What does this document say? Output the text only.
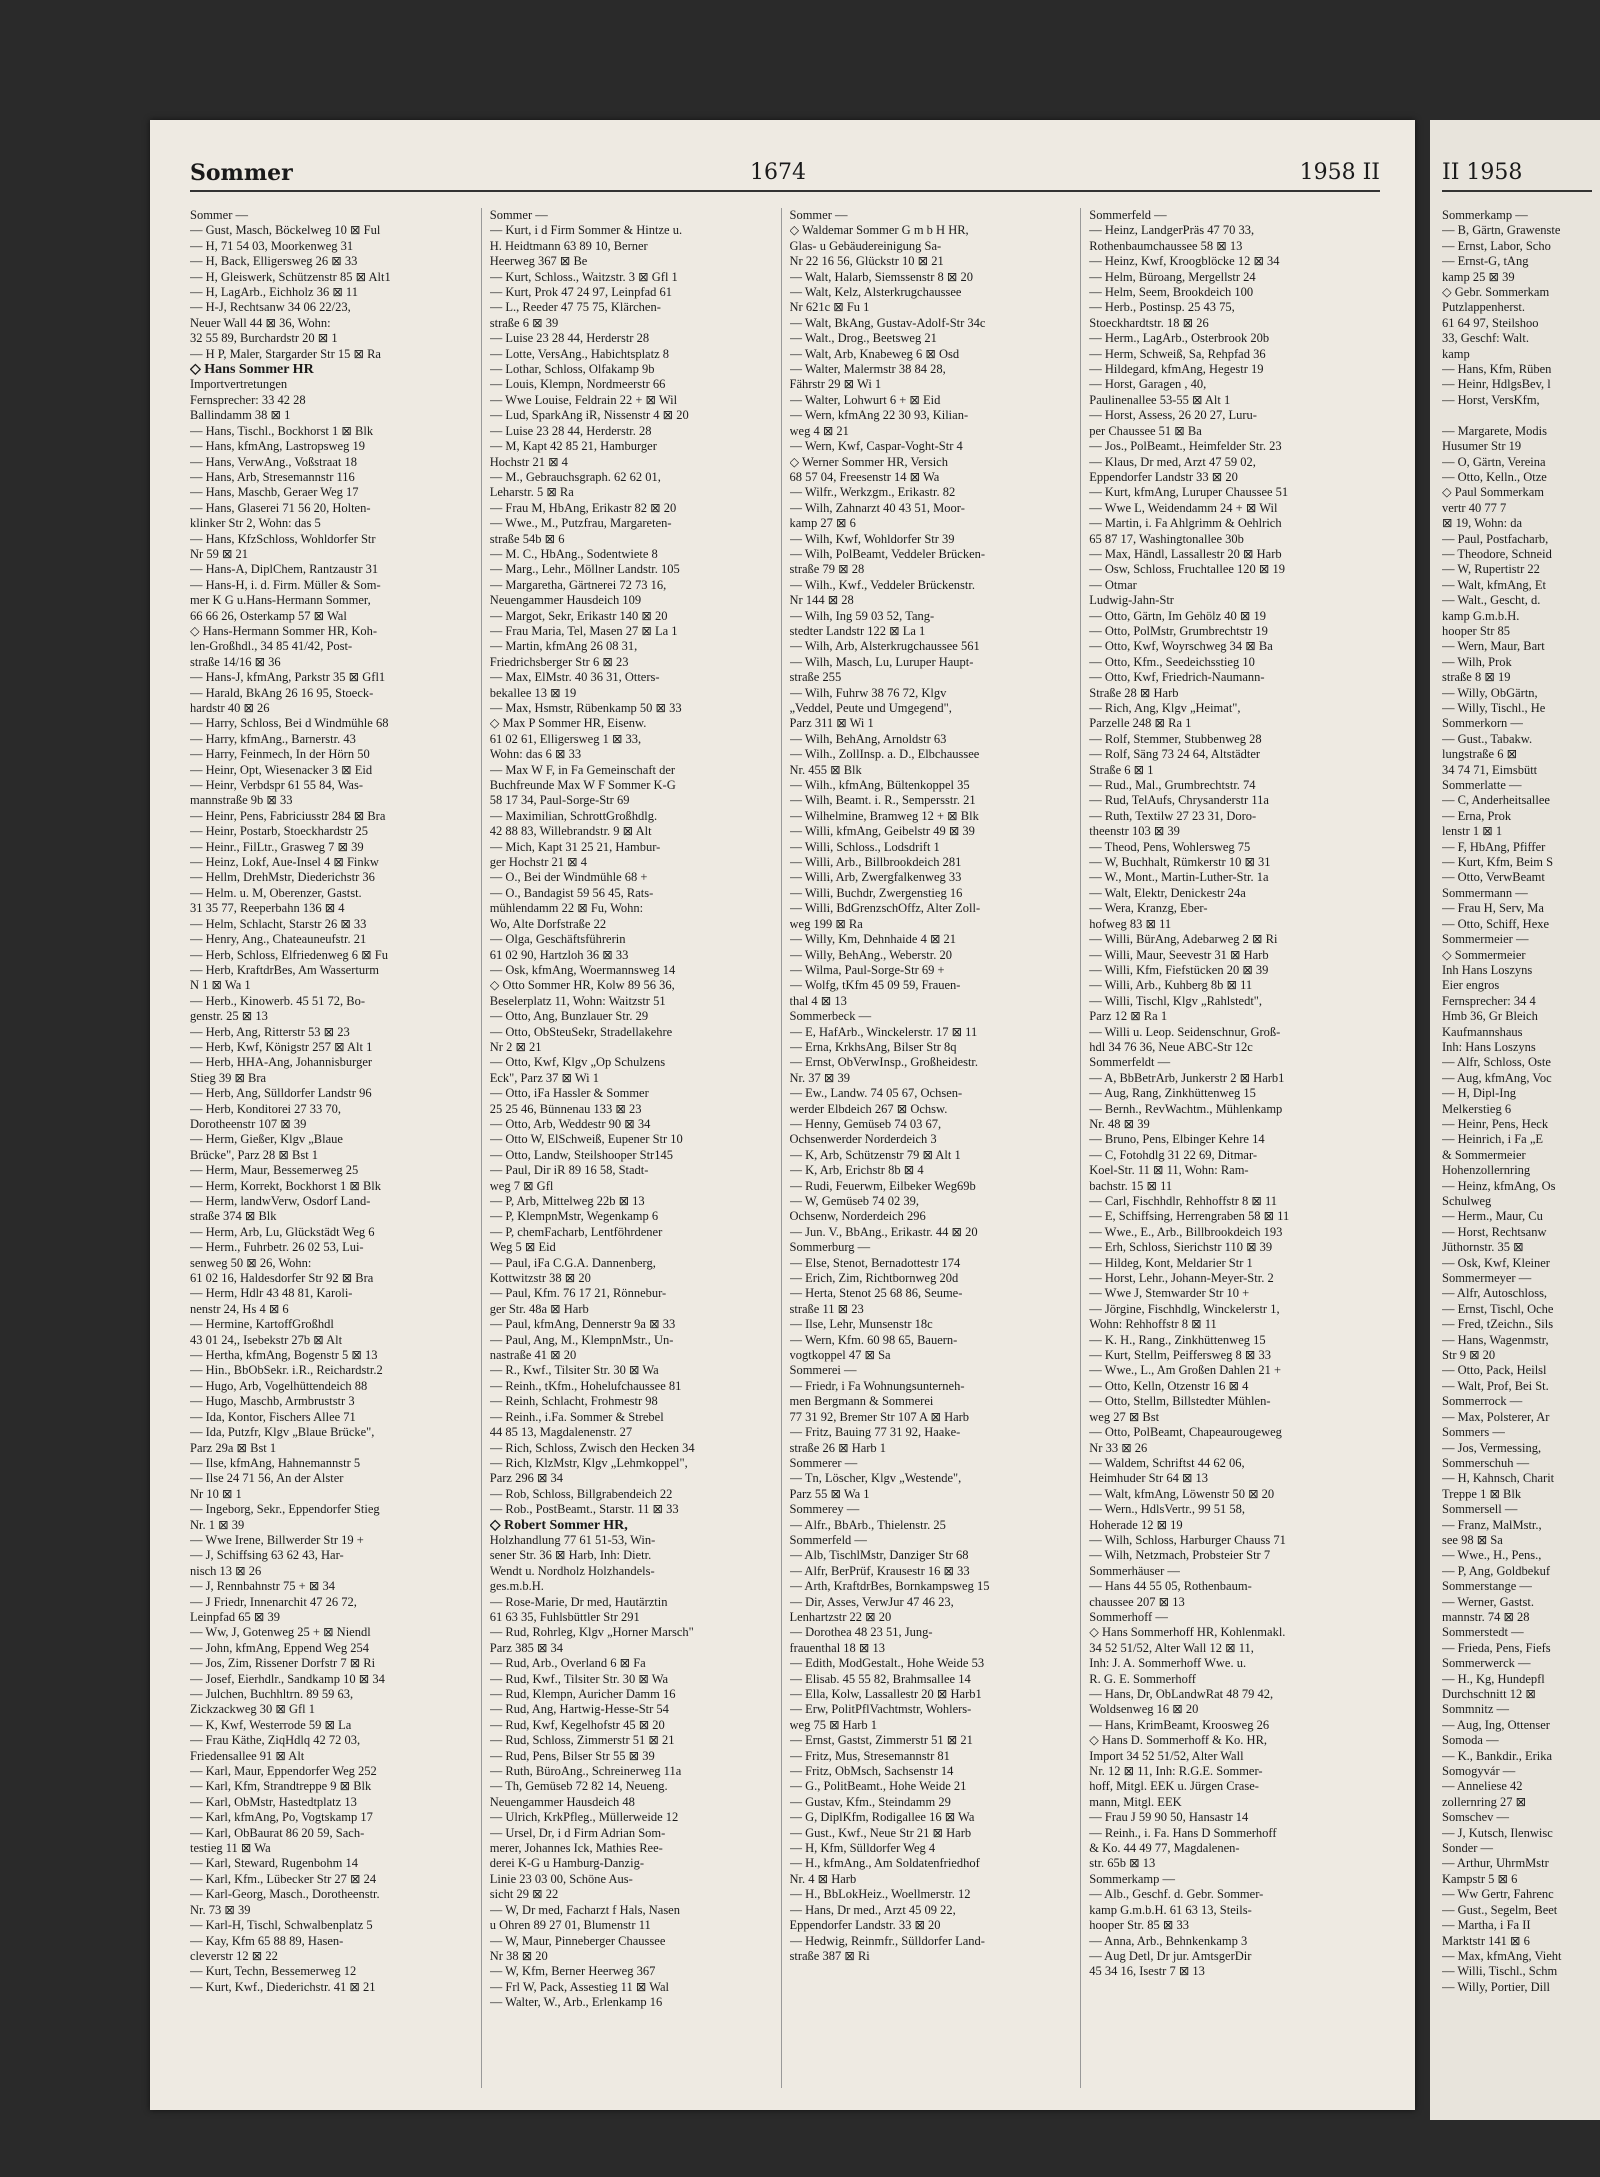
Sommer	1674	1958 II
Sommer —
— Gust, Masch, Böckelweg 10 ⊠ Ful
— H, 71 54 03, Moorkenweg 31
— H, Back, Elligersweg 26 ⊠ 33
— H, Gleiswerk, Schützenstr 85 ⊠ Alt1
— H, LagArb., Eichholz 36 ⊠ 11
— H-J, Rechtsanw 34 06 22/23,
Neuer Wall 44 ⊠ 36, Wohn:
32 55 89, Burchardstr 20 ⊠ 1
— H P, Maler, Stargarder Str 15 ⊠ Ra
◇ Hans Sommer HR
Importvertretungen
Fernsprecher: 33 42 28
Ballindamm 38 ⊠ 1
— Hans, Tischl., Bockhorst 1 ⊠ Blk
— Hans, kfmAng, Lastropsweg 19
— Hans, VerwAng., Voßstraat 18
— Hans, Arb, Stresemannstr 116
— Hans, Maschb, Geraer Weg 17
— Hans, Glaserei 71 56 20, Holten-
klinker Str 2, Wohn: das 5
— Hans, KfzSchloss, Wohldorfer Str
Nr 59 ⊠ 21
— Hans-A, DiplChem, Rantzaustr 31
— Hans-H, i. d. Firm. Müller & Som-
mer K G u.Hans-Hermann Sommer,
66 66 26, Osterkamp 57 ⊠ Wal
◇ Hans-Hermann Sommer HR, Koh-
len-Großhdl., 34 85 41/42, Post-
straße 14/16 ⊠ 36
— Hans-J, kfmAng, Parkstr 35 ⊠ Gfl1
— Harald, BkAng 26 16 95, Stoeck-
hardstr 40 ⊠ 26
— Harry, Schloss, Bei d Windmühle 68
— Harry, kfmAng., Barnerstr. 43
— Harry, Feinmech, In der Hörn 50
— Heinr, Opt, Wiesenacker 3 ⊠ Eid
— Heinr, Verbdspr 61 55 84, Was-
mannstraße 9b ⊠ 33
— Heinr, Pens, Fabriciusstr 284 ⊠ Bra
— Heinr, Postarb, Stoeckhardstr 25
— Heinr., FilLtr., Grasweg 7 ⊠ 39
— Heinz, Lokf, Aue-Insel 4 ⊠ Finkw
— Hellm, DrehMstr, Diederichstr 36
— Helm. u. M, Oberenzer, Gastst.
31 35 77, Reeperbahn 136 ⊠ 4
— Helm, Schlacht, Starstr 26 ⊠ 33
— Henry, Ang., Chateauneufstr. 21
— Herb, Schloss, Elfriedenweg 6 ⊠ Fu
— Herb, KraftdrBes, Am Wasserturm
N 1 ⊠ Wa 1
— Herb., Kinowerb. 45 51 72, Bo-
genstr. 25 ⊠ 13
— Herb, Ang, Ritterstr 53 ⊠ 23
— Herb, Kwf, Königstr 257 ⊠ Alt 1
— Herb, HHA-Ang, Johannisburger
Stieg 39 ⊠ Bra
— Herb, Ang, Sülldorfer Landstr 96
— Herb, Konditorei 27 33 70,
Dorotheenstr 107 ⊠ 39
— Herm, Gießer, Klgv „Blaue
Brücke", Parz 28 ⊠ Bst 1
— Herm, Maur, Bessemerweg 25
— Herm, Korrekt, Bockhorst 1 ⊠ Blk
— Herm, landwVerw, Osdorf Land-
straße 374 ⊠ Blk
— Herm, Arb, Lu, Glückstädt Weg 6
— Herm., Fuhrbetr. 26 02 53, Lui-
senweg 50 ⊠ 26, Wohn:
61 02 16, Haldesdorfer Str 92 ⊠ Bra
— Herm, Hdlr 43 48 81, Karoli-
nenstr 24, Hs 4 ⊠ 6
— Hermine, KartoffGroßhdl
43 01 24,, Isebekstr 27b ⊠ Alt
— Hertha, kfmAng, Bogenstr 5 ⊠ 13
— Hin., BbObSekr. i.R., Reichardstr.2
— Hugo, Arb, Vogelhüttendeich 88
— Hugo, Maschb, Armbruststr 3
— Ida, Kontor, Fischers Allee 71
— Ida, Putzfr, Klgv „Blaue Brücke",
Parz 29a ⊠ Bst 1
— Ilse, kfmAng, Hahnemannstr 5
— Ilse 24 71 56, An der Alster
Nr 10 ⊠ 1
— Ingeborg, Sekr., Eppendorfer Stieg
Nr. 1 ⊠ 39
— Wwe Irene, Billwerder Str 19 +
— J, Schiffsing 63 62 43, Har-
nisch 13 ⊠ 26
— J, Rennbahnstr 75 + ⊠ 34
— J Friedr, Innenarchit 47 26 72,
Leinpfad 65 ⊠ 39
— Ww, J, Gotenweg 25 + ⊠ Niendl
— John, kfmAng, Eppend Weg 254
— Jos, Zim, Rissener Dorfstr 7 ⊠ Ri
— Josef, Eierhdlr., Sandkamp 10 ⊠ 34
— Julchen, Buchhltrn. 89 59 63,
Zickzackweg 30 ⊠ Gfl 1
— K, Kwf, Westerrode 59 ⊠ La
— Frau Käthe, ZiqHdlq 42 72 03,
Friedensallee 91 ⊠ Alt
— Karl, Maur, Eppendorfer Weg 252
— Karl, Kfm, Strandtreppe 9 ⊠ Blk
— Karl, ObMstr, Hastedtplatz 13
— Karl, kfmAng, Po, Vogtskamp 17
— Karl, ObBaurat 86 20 59, Sach-
testieg 11 ⊠ Wa
— Karl, Steward, Rugenbohm 14
— Karl, Kfm., Lübecker Str 27 ⊠ 24
— Karl-Georg, Masch., Dorotheenstr.
Nr. 73 ⊠ 39
— Karl-H, Tischl, Schwalbenplatz 5
— Kay, Kfm 65 88 89, Hasen-
cleverstr 12 ⊠ 22
— Kurt, Techn, Bessemerweg 12
— Kurt, Kwf., Diederichstr. 41 ⊠ 21
Sommer —
— Kurt, i d Firm Sommer & Hintze u.
H. Heidtmann 63 89 10, Berner
Heerweg 367 ⊠ Be
— Kurt, Schloss., Waitzstr. 3 ⊠ Gfl 1
— Kurt, Prok 47 24 97, Leinpfad 61
— L., Reeder 47 75 75, Klärchen-
straße 6 ⊠ 39
— Luise 23 28 44, Herderstr 28
— Lotte, VersAng., Habichtsplatz 8
— Lothar, Schloss, Olfakamp 9b
— Louis, Klempn, Nordmeerstr 66
— Wwe Louise, Feldrain 22 + ⊠ Wil
— Lud, SparkAng iR, Nissenstr 4 ⊠ 20
— Luise 23 28 44, Herderstr. 28
— M, Kapt 42 85 21, Hamburger
Hochstr 21 ⊠ 4
— M., Gebrauchsgraph. 62 62 01,
Leharstr. 5 ⊠ Ra
— Frau M, HbAng, Erikastr 82 ⊠ 20
— Wwe., M., Putzfrau, Margareten-
straße 54b ⊠ 6
— M. C., HbAng., Sodentwiete 8
— Marg., Lehr., Möllner Landstr. 105
— Margaretha, Gärtnerei 72 73 16,
Neuengammer Hausdeich 109
— Margot, Sekr, Erikastr 140 ⊠ 20
— Frau Maria, Tel, Masen 27 ⊠ La 1
— Martin, kfmAng 26 08 31,
Friedrichsberger Str 6 ⊠ 23
— Max, ElMstr. 40 36 31, Otters-
bekallee 13 ⊠ 19
— Max, Hsmstr, Rübenkamp 50 ⊠ 33
◇ Max P Sommer HR, Eisenw.
61 02 61, Elligersweg 1 ⊠ 33,
Wohn: das 6 ⊠ 33
— Max W F, in Fa Gemeinschaft der
Buchfreunde Max W F Sommer K-G
58 17 34, Paul-Sorge-Str 69
— Maximilian, SchrottGroßhdlg.
42 88 83, Willebrandstr. 9 ⊠ Alt
— Mich, Kapt 31 25 21, Hambur-
ger Hochstr 21 ⊠ 4
— O., Bei der Windmühle 68 +
— O., Bandagist 59 56 45, Rats-
mühlendamm 22 ⊠ Fu, Wohn:
Wo, Alte Dorfstraße 22
— Olga, Geschäftsführerin
61 02 90, Hartzloh 36 ⊠ 33
— Osk, kfmAng, Woermannsweg 14
◇ Otto Sommer HR, Kolw 89 56 36,
Beselerplatz 11, Wohn: Waitzstr 51
— Otto, Ang, Bunzlauer Str. 29
— Otto, ObSteuSekr, Stradellakehre
Nr 2 ⊠ 21
— Otto, Kwf, Klgv „Op Schulzens
Eck", Parz 37 ⊠ Wi 1
— Otto, iFa Hassler & Sommer
25 25 46, Bünnenau 133 ⊠ 23
— Otto, Arb, Weddestr 90 ⊠ 34
— Otto W, ElSchweiß, Eupener Str 10
— Otto, Landw, Steilshooper Str145
— Paul, Dir iR 89 16 58, Stadt-
weg 7 ⊠ Gfl
— P, Arb, Mittelweg 22b ⊠ 13
— P, KlempnMstr, Wegenkamp 6
— P, chemFacharb, Lentföhrdener
Weg 5 ⊠ Eid
— Paul, iFa C.G.A. Dannenberg,
Kottwitzstr 38 ⊠ 20
— Paul, Kfm. 76 17 21, Rönnebur-
ger Str. 48a ⊠ Harb
— Paul, kfmAng, Dennerstr 9a ⊠ 33
— Paul, Ang, M., KlempnMstr., Un-
nastraße 41 ⊠ 20
— R., Kwf., Tilsiter Str. 30 ⊠ Wa
— Reinh., tKfm., Hohelufchaussee 81
— Reinh, Schlacht, Frohmestr 98
— Reinh., i.Fa. Sommer & Strebel
44 85 13, Magdalenenstr. 27
— Rich, Schloss, Zwisch den Hecken 34
— Rich, KlzMstr, Klgv „Lehmkoppel",
Parz 296 ⊠ 34
— Rob, Schloss, Billgrabendeich 22
— Rob., PostBeamt., Starstr. 11 ⊠ 33
◇ Robert Sommer HR,
Holzhandlung 77 61 51-53, Win-
sener Str. 36 ⊠ Harb, Inh: Dietr.
Wendt u. Nordholz Holzhandels-
ges.m.b.H.
— Rose-Marie, Dr med, Hautärztin
61 63 35, Fuhlsbüttler Str 291
— Rud, Rohrleg, Klgv „Horner Marsch"
Parz 385 ⊠ 34
— Rud, Arb., Overland 6 ⊠ Fa
— Rud, Kwf., Tilsiter Str. 30 ⊠ Wa
— Rud, Klempn, Auricher Damm 16
— Rud, Ang, Hartwig-Hesse-Str 54
— Rud, Kwf, Kegelhofstr 45 ⊠ 20
— Rud, Schloss, Zimmerstr 51 ⊠ 21
— Rud, Pens, Bilser Str 55 ⊠ 39
— Ruth, BüroAng., Schreinerweg 11a
— Th, Gemüseb 72 82 14, Neueng.
Neuengammer Hausdeich 48
— Ulrich, KrkPfleg., Müllerweide 12
— Ursel, Dr, i d Firm Adrian Som-
merer, Johannes Ick, Mathies Ree-
derei K-G u Hamburg-Danzig-
Linie 23 03 00, Schöne Aus-
sicht 29 ⊠ 22
— W, Dr med, Facharzt f Hals, Nasen
u Ohren 89 27 01, Blumenstr 11
— W, Maur, Pinneberger Chaussee
Nr 38 ⊠ 20
— W, Kfm, Berner Heerweg 367
— Frl W, Pack, Assestieg 11 ⊠ Wal
— Walter, W., Arb., Erlenkamp 16
Sommer —
◇ Waldemar Sommer G m b H HR,
Glas- u Gebäudereinigung Sa-
Nr 22 16 56, Glückstr 10 ⊠ 21
— Walt, Halarb, Siemssenstr 8 ⊠ 20
— Walt, Kelz, Alsterkrugchaussee
Nr 621c ⊠ Fu 1
— Walt, BkAng, Gustav-Adolf-Str 34c
— Walt., Drog., Beetsweg 21
— Walt, Arb, Knabeweg 6 ⊠ Osd
— Walter, Malermstr 38 84 28,
Fährstr 29 ⊠ Wi 1
— Walter, Lohwurt 6 + ⊠ Eid
— Wern, kfmAng 22 30 93, Kilian-
weg 4 ⊠ 21
— Wern, Kwf, Caspar-Voght-Str 4
◇ Werner Sommer HR, Versich
68 57 04, Freesenstr 14 ⊠ Wa
— Wilfr., Werkzgm., Erikastr. 82
— Wilh, Zahnarzt 40 43 51, Moor-
kamp 27 ⊠ 6
— Wilh, Kwf, Wohldorfer Str 39
— Wilh, PolBeamt, Veddeler Brücken-
straße 79 ⊠ 28
— Wilh., Kwf., Veddeler Brückenstr.
Nr 144 ⊠ 28
— Wilh, Ing 59 03 52, Tang-
stedter Landstr 122 ⊠ La 1
— Wilh, Arb, Alsterkrugchaussee 561
— Wilh, Masch, Lu, Luruper Haupt-
straße 255
— Wilh, Fuhrw 38 76 72, Klgv
„Veddel, Peute und Umgegend",
Parz 311 ⊠ Wi 1
— Wilh, BehAng, Arnoldstr 63
— Wilh., ZollInsp. a. D., Elbchaussee
Nr. 455 ⊠ Blk
— Wilh., kfmAng, Bültenkoppel 35
— Wilh, Beamt. i. R., Sempersstr. 21
— Wilhelmine, Bramweg 12 + ⊠ Blk
— Willi, kfmAng, Geibelstr 49 ⊠ 39
— Willi, Schloss., Lodsdrift 1
— Willi, Arb., Billbrookdeich 281
— Willi, Arb, Zwergfalkenweg 33
— Willi, Buchdr, Zwergenstieg 16
— Willi, BdGrenzschOffz, Alter Zoll-
weg 199 ⊠ Ra
— Willy, Km, Dehnhaide 4 ⊠ 21
— Willy, BehAng., Weberstr. 20
— Wilma, Paul-Sorge-Str 69 +
— Wolfg, tKfm 45 09 59, Frauen-
thal 4 ⊠ 13
Sommerbeck —
— E, HafArb., Winckelerstr. 17 ⊠ 11
— Erna, KrkhsAng, Bilser Str 8q
— Ernst, ObVerwInsp., Großheidestr.
Nr. 37 ⊠ 39
— Ew., Landw. 74 05 67, Ochsen-
werder Elbdeich 267 ⊠ Ochsw.
— Henny, Gemüseb 74 03 67,
Ochsenwerder Norderdeich 3
— K, Arb, Schützenstr 79 ⊠ Alt 1
— K, Arb, Erichstr 8b ⊠ 4
— Rudi, Feuerwm, Eilbeker Weg69b
— W, Gemüseb 74 02 39,
Ochsenw, Norderdeich 296
— Jun. V., BbAng., Erikastr. 44 ⊠ 20
Sommerburg —
— Else, Stenot, Bernadottestr 174
— Erich, Zim, Richtbornweg 20d
— Herta, Stenot 25 68 86, Seume-
straße 11 ⊠ 23
— Ilse, Lehr, Munsenstr 18c
— Wern, Kfm. 60 98 65, Bauern-
vogtkoppel 47 ⊠ Sa
Sommerei —
— Friedr, i Fa Wohnungsunterneh-
men Bergmann & Sommerei
77 31 92, Bremer Str 107 A ⊠ Harb
— Fritz, Bauing 77 31 92, Haake-
straße 26 ⊠ Harb 1
Sommerer —
— Tn, Löscher, Klgv „Westende",
Parz 55 ⊠ Wa 1
Sommerey —
— Alfr., BbArb., Thielenstr. 25
Sommerfeld —
— Alb, TischlMstr, Danziger Str 68
— Alfr, BerPrüf, Krausestr 16 ⊠ 33
— Arth, KraftdrBes, Bornkampsweg 15
— Dir, Asses, VerwJur 47 46 23,
Lenhartzstr 22 ⊠ 20
— Dorothea 48 23 51, Jung-
frauenthal 18 ⊠ 13
— Edith, ModGestalt., Hohe Weide 53
— Elisab. 45 55 82, Brahmsallee 14
— Ella, Kolw, Lassallestr 20 ⊠ Harb1
— Erw, PolitPflVachtmstr, Wohlers-
weg 75 ⊠ Harb 1
— Ernst, Gastst, Zimmerstr 51 ⊠ 21
— Fritz, Mus, Stresemannstr 81
— Fritz, ObMsch, Sachsenstr 14
— G., PolitBeamt., Hohe Weide 21
— Gustav, Kfm., Steindamm 29
— G, DiplKfm, Rodigallee 16 ⊠ Wa
— Gust., Kwf., Neue Str 21 ⊠ Harb
— H, Kfm, Sülldorfer Weg 4
— H., kfmAng., Am Soldatenfriedhof
Nr. 4 ⊠ Harb
— H., BbLokHeiz., Woellmerstr. 12
— Hans, Dr med., Arzt 45 09 22,
Eppendorfer Landstr. 33 ⊠ 20
— Hedwig, Reinmfr., Sülldorfer Land-
straße 387 ⊠ Ri
Sommerfeld —
— Heinz, LandgerPräs 47 70 33,
Rothenbaumchaussee 58 ⊠ 13
— Heinz, Kwf, Kroogblöcke 12 ⊠ 34
— Helm, Büroang, Mergellstr 24
— Helm, Seem, Brookdeich 100
— Herb., Postinsp. 25 43 75,
Stoeckhardtstr. 18 ⊠ 26
— Herm., LagArb., Osterbrook 20b
— Herm, Schweiß, Sa, Rehpfad 36
— Hildegard, kfmAng, Hegestr 19
— Horst, Garagen , 40,
Paulinenallee 53-55 ⊠ Alt 1
— Horst, Assess, 26 20 27, Luru-
per Chaussee 51 ⊠ Ba
— Jos., PolBeamt., Heimfelder Str. 23
— Klaus, Dr med, Arzt 47 59 02,
Eppendorfer Landstr 33 ⊠ 20
— Kurt, kfmAng, Luruper Chaussee 51
— Wwe L, Weidendamm 24 + ⊠ Wil
— Martin, i. Fa Ahlgrimm & Oehlrich
65 87 17, Washingtonallee 30b
— Max, Händl, Lassallestr 20 ⊠ Harb
— Osw, Schloss, Fruchtallee 120 ⊠ 19
— Otmar
Ludwig-Jahn-Str
— Otto, Gärtn, Im Gehölz 40 ⊠ 19
— Otto, PolMstr, Grumbrechtstr 19
— Otto, Kwf, Woyrschweg 34 ⊠ Ba
— Otto, Kfm., Seedeichsstieg 10
— Otto, Kwf, Friedrich-Naumann-
Straße 28 ⊠ Harb
— Rich, Ang, Klgv „Heimat",
Parzelle 248 ⊠ Ra 1
— Rolf, Stemmer, Stubbenweg 28
— Rolf, Säng 73 24 64, Altstädter
Straße 6 ⊠ 1
— Rud., Mal., Grumbrechtstr. 74
— Rud, TelAufs, Chrysanderstr 11a
— Ruth, Textilw 27 23 31, Doro-
theenstr 103 ⊠ 39
— Theod, Pens, Wohlersweg 75
— W, Buchhalt, Rümkerstr 10 ⊠ 31
— W., Mont., Martin-Luther-Str. 1a
— Walt, Elektr, Denickestr 24a
— Wera, Kranzg, Eber-
hofweg 83 ⊠ 11
— Willi, BürAng, Adebarweg 2 ⊠ Ri
— Willi, Maur, Seevestr 31 ⊠ Harb
— Willi, Kfm, Fiefstücken 20 ⊠ 39
— Willi, Arb., Kuhberg 8b ⊠ 11
— Willi, Tischl, Klgv „Rahlstedt",
Parz 12 ⊠ Ra 1
— Willi u. Leop. Seidenschnur, Groß-
hdl 34 76 36, Neue ABC-Str 12c
Sommerfeldt —
— A, BbBetrArb, Junkerstr 2 ⊠ Harb1
— Aug, Rang, Zinkhüttenweg 15
— Bernh., RevWachtm., Mühlenkamp
Nr. 48 ⊠ 39
— Bruno, Pens, Elbinger Kehre 14
— C, Fotohdlg 31 22 69, Ditmar-
Koel-Str. 11 ⊠ 11, Wohn: Ram-
bachstr. 15 ⊠ 11
— Carl, Fischhdlr, Rehhoffstr 8 ⊠ 11
— E, Schiffsing, Herrengraben 58 ⊠ 11
— Wwe., E., Arb., Billbrookdeich 193
— Erh, Schloss, Sierichstr 110 ⊠ 39
— Hildeg, Kont, Meldarier Str 1
— Horst, Lehr., Johann-Meyer-Str. 2
— Wwe J, Stemwarder Str 10 +
— Jörgine, Fischhdlg, Winckelerstr 1,
Wohn: Rehhoffstr 8 ⊠ 11
— K. H., Rang., Zinkhüttenweg 15
— Kurt, Stellm, Peiffersweg 8 ⊠ 33
— Wwe., L., Am Großen Dahlen 21 +
— Otto, Kelln, Otzenstr 16 ⊠ 4
— Otto, Stellm, Billstedter Mühlen-
weg 27 ⊠ Bst
— Otto, PolBeamt, Chapeaurougeweg
Nr 33 ⊠ 26
— Waldem, Schriftst 44 62 06,
Heimhuder Str 64 ⊠ 13
— Walt, kfmAng, Löwenstr 50 ⊠ 20
— Wern., HdlsVertr., 99 51 58,
Hoherade 12 ⊠ 19
— Wilh, Schloss, Harburger Chauss 71
— Wilh, Netzmach, Probsteier Str 7
Sommerhäuser —
— Hans 44 55 05, Rothenbaum-
chaussee 207 ⊠ 13
Sommerhoff —
◇ Hans Sommerhoff HR, Kohlenmakl.
34 52 51/52, Alter Wall 12 ⊠ 11,
Inh: J. A. Sommerhoff Wwe. u.
R. G. E. Sommerhoff
— Hans, Dr, ObLandwRat 48 79 42,
Woldsenweg 16 ⊠ 20
— Hans, KrimBeamt, Kroosweg 26
◇ Hans D. Sommerhoff & Ko. HR,
Import 34 52 51/52, Alter Wall
Nr. 12 ⊠ 11, Inh: R.G.E. Sommer-
hoff, Mitgl. EEK u. Jürgen Crase-
mann, Mitgl. EEK
— Frau J 59 90 50, Hansastr 14
— Reinh., i. Fa. Hans D Sommerhoff
& Ko. 44 49 77, Magdalenen-
str. 65b ⊠ 13
Sommerkamp —
— Alb., Geschf. d. Gebr. Sommer-
kamp G.m.b.H. 61 63 13, Steils-
hooper Str. 85 ⊠ 33
— Anna, Arb., Behnkenkamp 3
— Aug Detl, Dr jur. AmtsgerDir
45 34 16, Isestr 7 ⊠ 13
II 1958
Sommerkamp —
— B, Gärtn, Grawenste
— Ernst, Labor, Scho
— Ernst-G, tAng
kamp 25 ⊠ 39
◇ Gebr. Sommerkam
Putzlappenherst.
61 64 97, Steilshoo
33, Geschf: Walt.
kamp
— Hans, Kfm, Rüben
— Heinr, HdlgsBev, l
— Horst, VersKfm,

— Margarete, Modis
Husumer Str 19
— O, Gärtn, Vereina
— Otto, Kelln., Otze
◇ Paul Sommerkam
vertr 40 77 7
⊠ 19, Wohn: da
— Paul, Postfacharb,
— Theodore, Schneid
— W, Rupertistr 22
— Walt, kfmAng, Et
— Walt., Gescht, d.
kamp G.m.b.H.
hooper Str 85
— Wern, Maur, Bart
— Wilh, Prok
straße 8 ⊠ 19
— Willy, ObGärtn,
— Willy, Tischl., He
Sommerkorn —
— Gust., Tabakw.
lungstraße 6 ⊠
34 74 71, Eimsbütt
Sommerlatte —
— C, Anderheitsallee
— Erna, Prok
lenstr 1 ⊠ 1
— F, HbAng, Pfiffer
— Kurt, Kfm, Beim S
— Otto, VerwBeamt
Sommermann —
— Frau H, Serv, Ma
— Otto, Schiff, Hexe
Sommermeier —
◇ Sommermeier
Inh Hans Loszyns
Eier engros
Fernsprecher: 34 4
Hmb 36, Gr Bleich
Kaufmannshaus
Inh: Hans Loszyns
— Alfr, Schloss, Oste
— Aug, kfmAng, Voc
— H, Dipl-Ing
Melkerstieg 6
— Heinr, Pens, Heck
— Heinrich, i Fa „E
& Sommermeier
Hohenzollernring
— Heinz, kfmAng, Os
Schulweg
— Herm., Maur, Cu
— Horst, Rechtsanw
Jüthornstr. 35 ⊠
— Osk, Kwf, Kleiner
Sommermeyer —
— Alfr, Autoschloss,
— Ernst, Tischl, Oche
— Fred, tZeichn., Sils
— Hans, Wagenmstr,
Str 9 ⊠ 20
— Otto, Pack, Heilsl
— Walt, Prof, Bei St.
Sommerrock —
— Max, Polsterer, Ar
Sommers —
— Jos, Vermessing,
Sommerschuh —
— H, Kahnsch, Charit
Treppe 1 ⊠ Blk
Sommersell —
— Franz, MalMstr.,
see 98 ⊠ Sa
— Wwe., H., Pens.,
— P, Ang, Goldbekuf
Sommerstange —
— Werner, Gastst.
mannstr. 74 ⊠ 28
Sommerstedt —
— Frieda, Pens, Fiefs
Sommerwerck —
— H., Kg, Hundepfl
Durchschnitt 12 ⊠
Sommnitz —
— Aug, Ing, Ottenser
Somoda —
— K., Bankdir., Erika
Somogyvár —
— Anneliese 42
zollernring 27 ⊠
Somschev —
— J, Kutsch, Ilenwisc
Sonder —
— Arthur, UhrmMstr
Kampstr 5 ⊠ 6
— Ww Gertr, Fahrenc
— Gust., Segelm, Beet
— Martha, i Fa II
Marktstr 141 ⊠ 6
— Max, kfmAng, Vieht
— Willi, Tischl., Schm
— Willy, Portier, Dill
